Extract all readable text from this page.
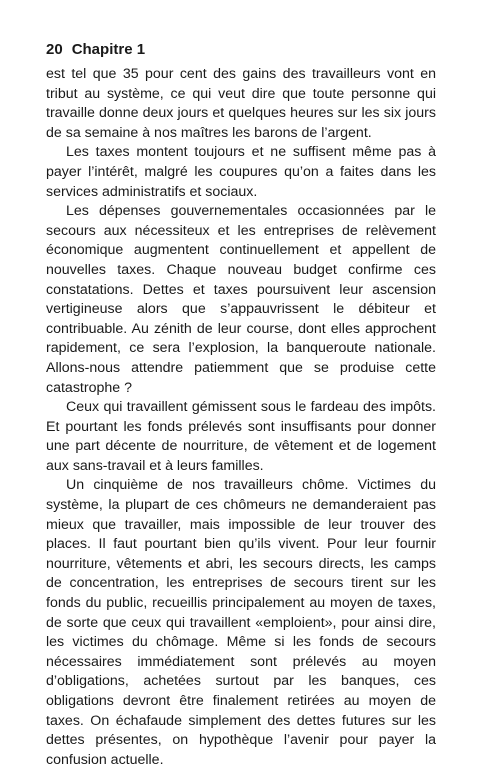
20 Chapitre 1

est tel que 35 pour cent des gains des travailleurs vont en tribut au système, ce qui veut dire que toute personne qui travaille donne deux jours et quelques heures sur les six jours de sa semaine à nos maîtres les barons de l’argent.

Les taxes montent toujours et ne suffisent même pas à payer l’intérêt, malgré les coupures qu’on a faites dans les services administratifs et sociaux.

Les dépenses gouvernementales occasionnées par le secours aux nécessiteux et les entreprises de relèvement économique augmentent continuellement et appellent de nouvelles taxes. Chaque nouveau budget confirme ces constatations. Dettes et taxes poursuivent leur ascension vertigineuse alors que s’appauvrissent le débiteur et contribuable. Au zénith de leur course, dont elles approchent rapidement, ce sera l’explosion, la banqueroute nationale. Allons-nous attendre patiemment que se produise cette catastrophe ?

Ceux qui travaillent gémissent sous le fardeau des impôts. Et pourtant les fonds prélevés sont insuffisants pour donner une part décente de nourriture, de vêtement et de logement aux sans-travail et à leurs familles.

Un cinquième de nos travailleurs chôme. Victimes du système, la plupart de ces chômeurs ne demanderaient pas mieux que travailler, mais impossible de leur trouver des places. Il faut pourtant bien qu’ils vivent. Pour leur fournir nourriture, vêtements et abri, les secours directs, les camps de concentration, les entreprises de secours tirent sur les fonds du public, recueillis principalement au moyen de taxes, de sorte que ceux qui travaillent «emploient», pour ainsi dire, les victimes du chômage. Même si les fonds de secours nécessaires immédiatement sont prélevés au moyen d’obligations, achetées surtout par les banques, ces obligations devront être finalement retirées au moyen de taxes. On échafaude simplement des dettes futures sur les dettes présentes, on hypothèque l’avenir pour payer la confusion actuelle.
